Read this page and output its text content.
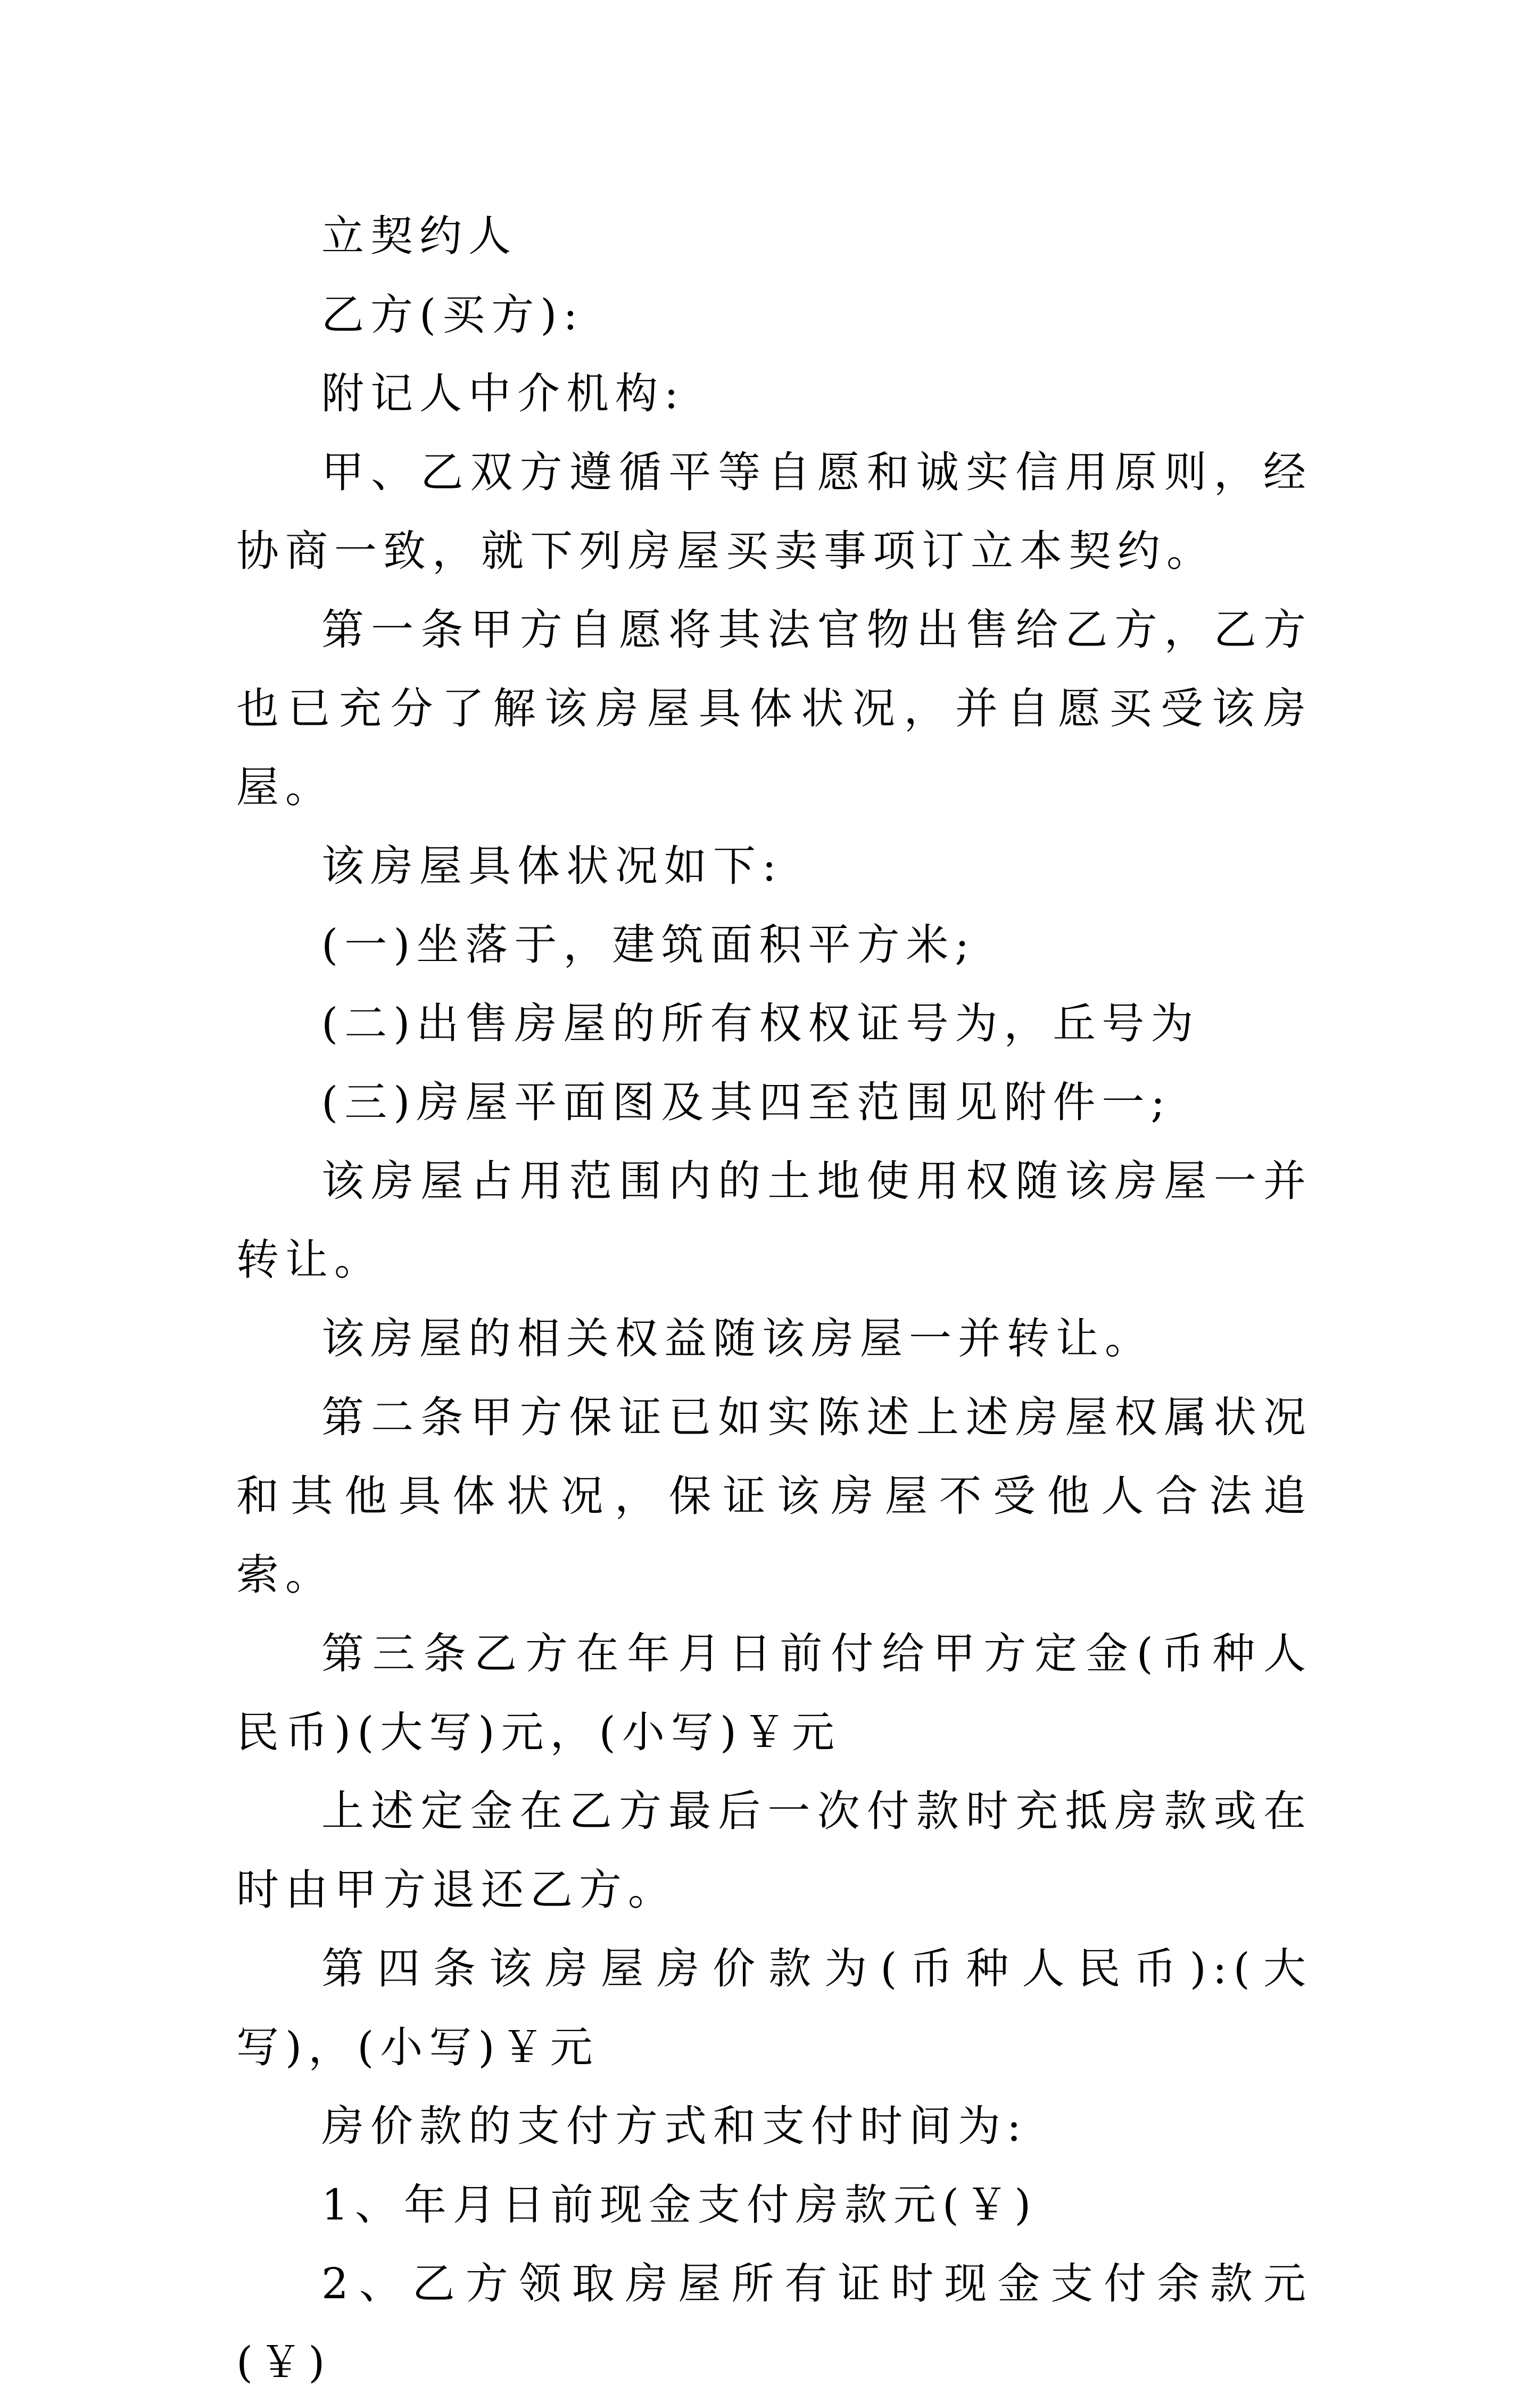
立契约人

乙方(买方):

附记人中介机构:

甲、乙双方遵循平等自愿和诚实信用原则，经协商一致，就下列房屋买卖事项订立本契约。

第一条甲方自愿将其法官物出售给乙方，乙方也已充分了解该房屋具体状况，并自愿买受该房屋。

该房屋具体状况如下:

(一)坐落于，建筑面积平方米;

(二)出售房屋的所有权权证号为，丘号为

(三)房屋平面图及其四至范围见附件一;

该房屋占用范围内的土地使用权随该房屋一并转让。

该房屋的相关权益随该房屋一并转让。

第二条甲方保证已如实陈述上述房屋权属状况和其他具体状况，保证该房屋不受他人合法追索。

第三条乙方在年月日前付给甲方定金(币种人民币)(大写)元，(小写)￥元

上述定金在乙方最后一次付款时充抵房款或在时由甲方退还乙方。

第四条该房屋房价款为(币种人民币):(大写)，(小写)￥元

房价款的支付方式和支付时间为:

1、年月日前现金支付房款元(￥)

2、乙方领取房屋所有证时现金支付余款元(￥)
